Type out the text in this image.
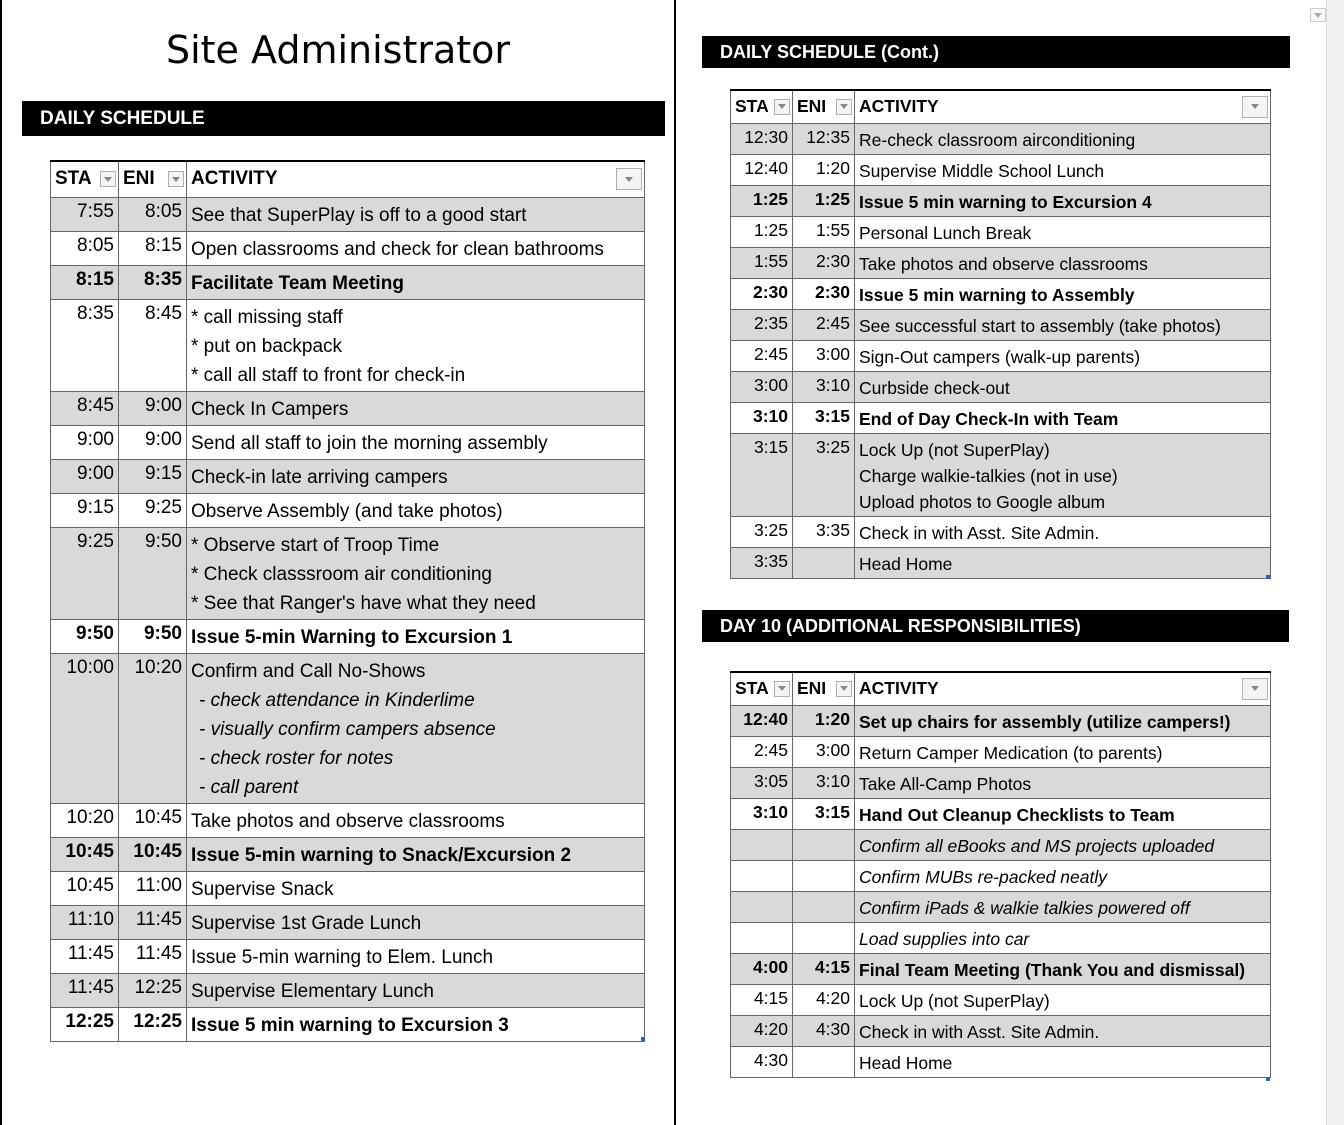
Site Administrator
DAILY SCHEDULE
STA	ENI	ACTIVITY

7:55	8:05	See that SuperPlay is off to a good start

8:05	8:15	Open classrooms and check for clean bathrooms

8:15	8:35	Facilitate Team Meeting

8:35	8:45	* call missing staff
* put on backpack
* call all staff to front for check-in

8:45	9:00	Check In Campers

9:00	9:00	Send all staff to join the morning assembly

9:00	9:15	Check-in late arriving campers

9:15	9:25	Observe Assembly (and take photos)

9:25	9:50	* Observe start of Troop Time
* Check classsroom air conditioning
* See that Ranger's have what they need

9:50	9:50	Issue 5-min Warning to Excursion 1

10:00	10:20	Confirm and Call No-Shows
- check attendance in Kinderlime
- visually confirm campers absence
- check roster for notes
- call parent

10:20	10:45	Take photos and observe classrooms

10:45	10:45	Issue 5-min warning to Snack/Excursion 2

10:45	11:00	Supervise Snack

11:10	11:45	Supervise 1st Grade Lunch

11:45	11:45	Issue 5-min warning to Elem. Lunch

11:45	12:25	Supervise Elementary Lunch

12:25	12:25	Issue 5 min warning to Excursion 3
DAILY SCHEDULE (Cont.)
STA	ENI	ACTIVITY

12:30	12:35	Re-check classroom airconditioning

12:40	1:20	Supervise Middle School Lunch

1:25	1:25	Issue 5 min warning to Excursion 4

1:25	1:55	Personal Lunch Break

1:55	2:30	Take photos and observe classrooms

2:30	2:30	Issue 5 min warning to Assembly

2:35	2:45	See successful start to assembly (take photos)

2:45	3:00	Sign-Out campers (walk-up parents)

3:00	3:10	Curbside check-out

3:10	3:15	End of Day Check-In with Team

3:15	3:25	Lock Up (not SuperPlay)
Charge walkie-talkies (not in use)
Upload photos to Google album

3:25	3:35	Check in with Asst. Site Admin.

3:35		Head Home
DAY 10 (ADDITIONAL RESPONSIBILITIES)
STA	ENI	ACTIVITY

12:40	1:20	Set up chairs for assembly (utilize campers!)

2:45	3:00	Return Camper Medication (to parents)

3:05	3:10	Take All-Camp Photos

3:10	3:15	Hand Out Cleanup Checklists to Team

		Confirm all eBooks and MS projects uploaded

		Confirm MUBs re-packed neatly

		Confirm iPads & walkie talkies powered off

		Load supplies into car

4:00	4:15	Final Team Meeting (Thank You and dismissal)

4:15	4:20	Lock Up (not SuperPlay)

4:20	4:30	Check in with Asst. Site Admin.

4:30		Head Home
